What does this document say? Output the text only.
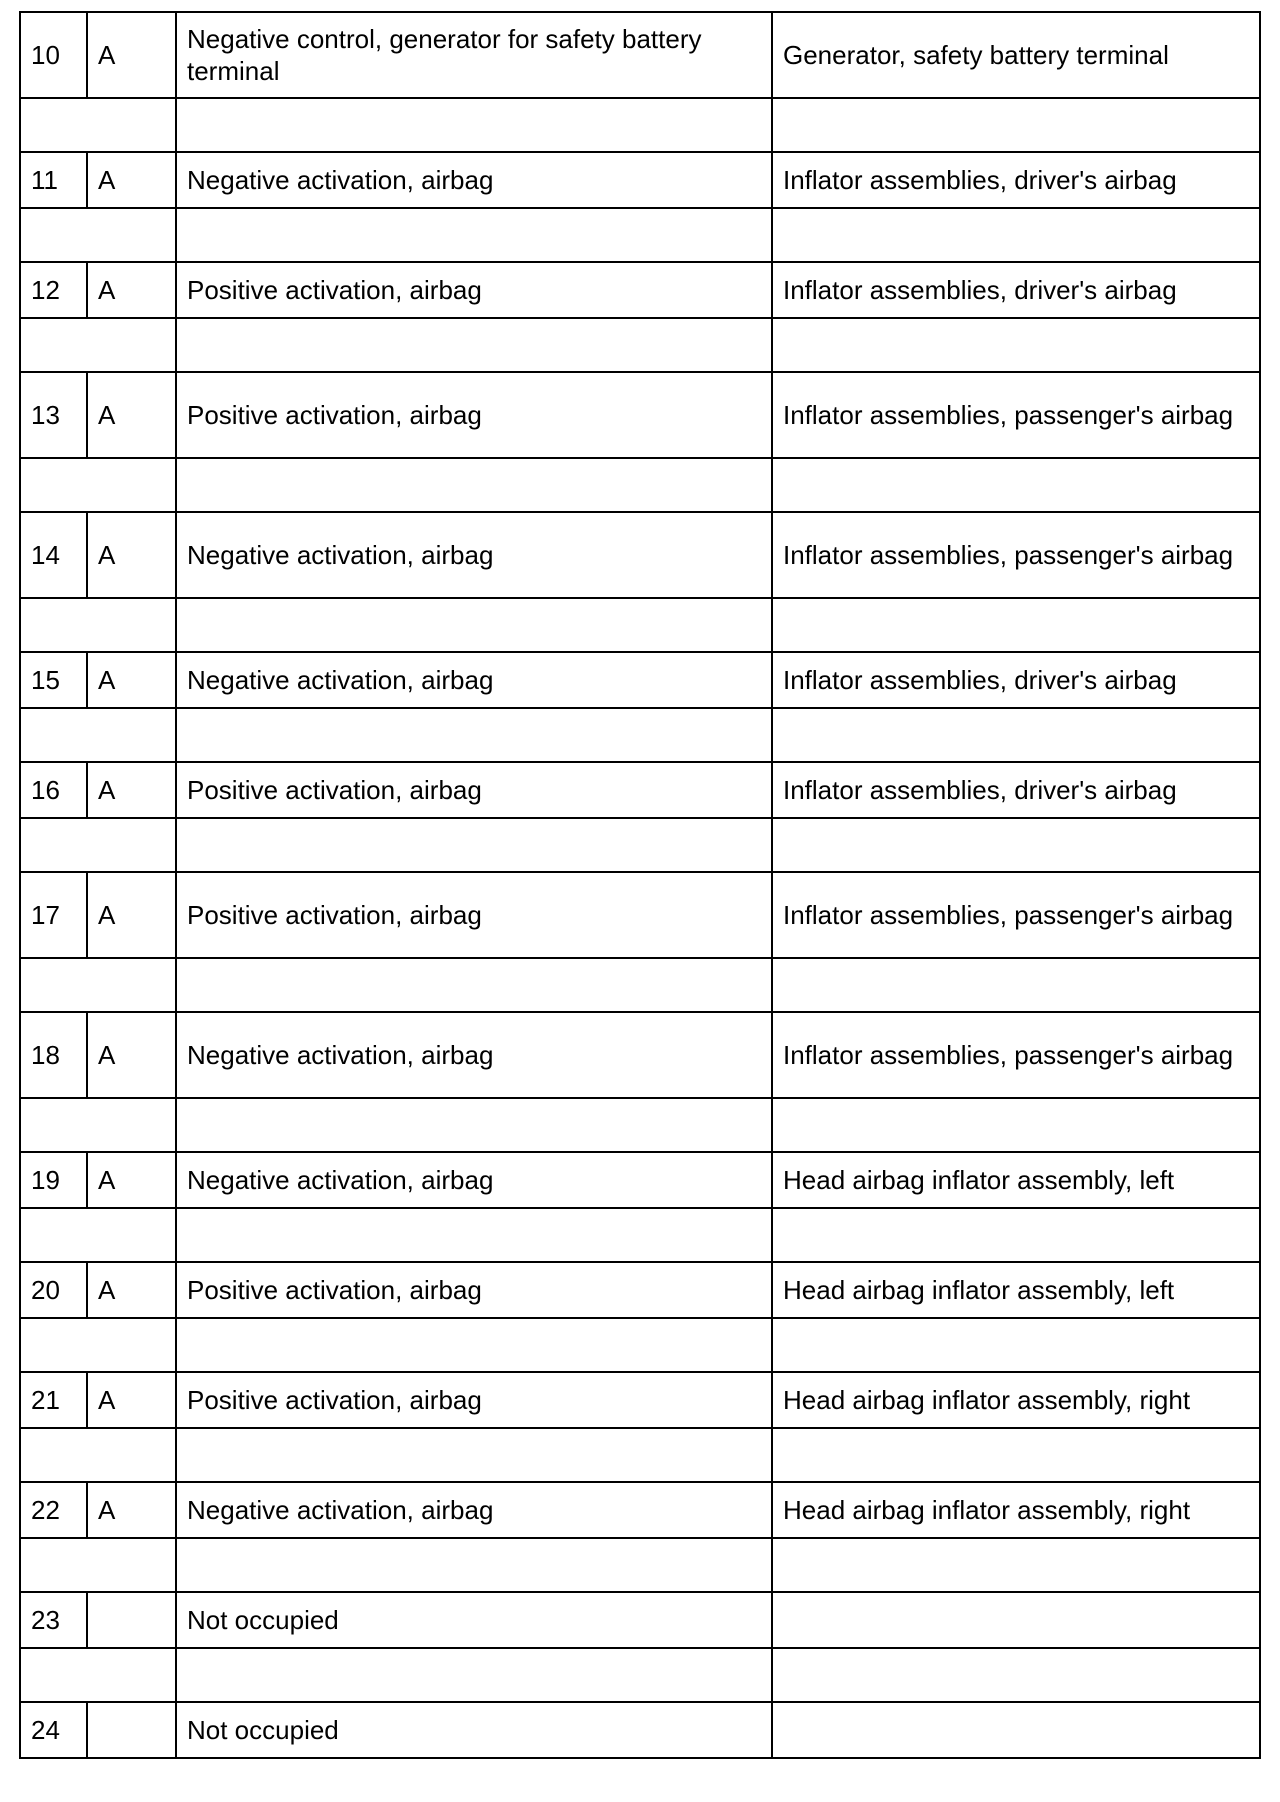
10	A	Negative control, generator for safety battery terminal	Generator, safety battery terminal

11	A	Negative activation, airbag	Inflator assemblies, driver's airbag

12	A	Positive activation, airbag	Inflator assemblies, driver's airbag

13	A	Positive activation, airbag	Inflator assemblies, passenger's airbag

14	A	Negative activation, airbag	Inflator assemblies, passenger's airbag

15	A	Negative activation, airbag	Inflator assemblies, driver's airbag

16	A	Positive activation, airbag	Inflator assemblies, driver's airbag

17	A	Positive activation, airbag	Inflator assemblies, passenger's airbag

18	A	Negative activation, airbag	Inflator assemblies, passenger's airbag

19	A	Negative activation, airbag	Head airbag inflator assembly, left

20	A	Positive activation, airbag	Head airbag inflator assembly, left

21	A	Positive activation, airbag	Head airbag inflator assembly, right

22	A	Negative activation, airbag	Head airbag inflator assembly, right

23		Not occupied	

24		Not occupied	
